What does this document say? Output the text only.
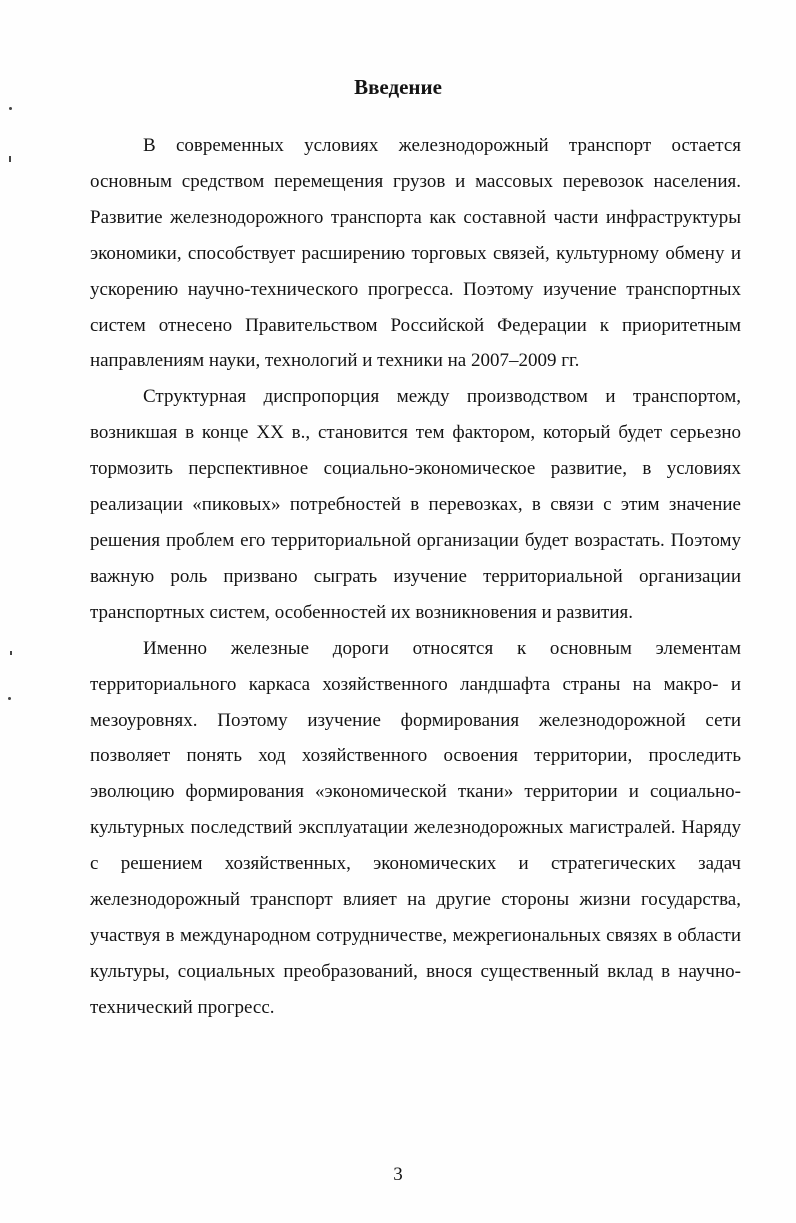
Введение

В современных условиях железнодорожный транспорт остается основным средством перемещения грузов и массовых перевозок населения. Развитие железнодорожного транспорта как составной части инфраструктуры экономики, способствует расширению торговых связей, культурному обмену и ускорению научно-технического прогресса. Поэтому изучение транспортных систем отнесено Правительством Российской Федерации к приоритетным направлениям науки, технологий и техники на 2007–2009 гг.

Структурная диспропорция между производством и транспортом, возникшая в конце XX в., становится тем фактором, который будет серьезно тормозить перспективное социально-экономическое развитие, в условиях реализации «пиковых» потребностей в перевозках, в связи с этим значение решения проблем его территориальной организации будет возрастать. Поэтому важную роль призвано сыграть изучение территориальной организации транспортных систем, особенностей их возникновения и развития.

Именно железные дороги относятся к основным элементам территориального каркаса хозяйственного ландшафта страны на макро- и мезоуровнях. Поэтому изучение формирования железнодорожной сети позволяет понять ход хозяйственного освоения территории, проследить эволюцию формирования «экономической ткани» территории и социально-культурных последствий эксплуатации железнодорожных магистралей. Наряду с решением хозяйственных, экономических и стратегических задач железнодорожный транспорт влияет на другие стороны жизни государства, участвуя в международном сотрудничестве, межрегиональных связях в области культуры, социальных преобразований, внося существенный вклад в научно-технический прогресс.

3
